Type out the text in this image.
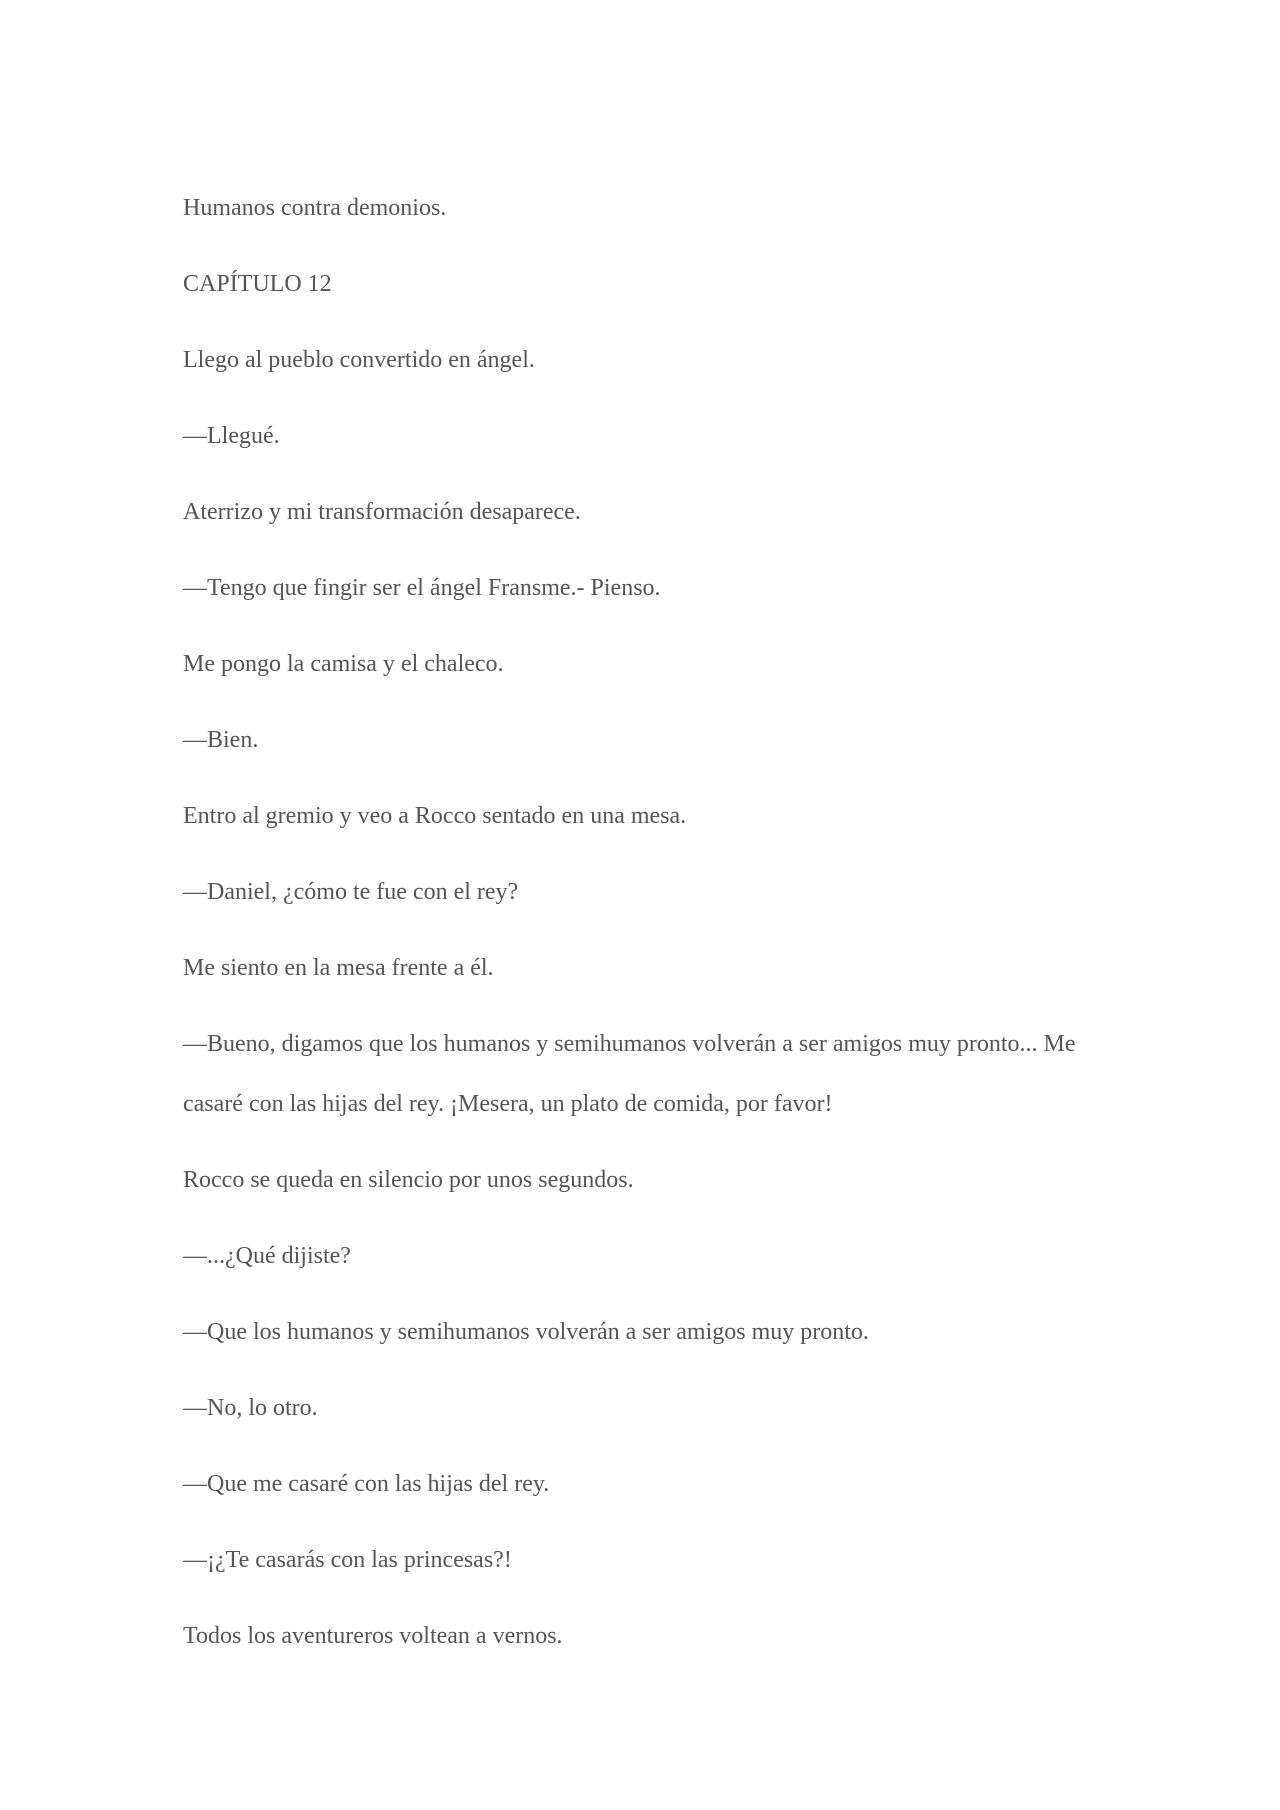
Humanos contra demonios.

CAPÍTULO 12

Llego al pueblo convertido en ángel.

—Llegué.

Aterrizo y mi transformación desaparece.

—Tengo que fingir ser el ángel Fransme.- Pienso.

Me pongo la camisa y el chaleco.

—Bien.

Entro al gremio y veo a Rocco sentado en una mesa.

—Daniel, ¿cómo te fue con el rey?

Me siento en la mesa frente a él.

—Bueno, digamos que los humanos y semihumanos volverán a ser amigos muy pronto... Me casaré con las hijas del rey. ¡Mesera, un plato de comida, por favor!

Rocco se queda en silencio por unos segundos.

—...¿Qué dijiste?

—Que los humanos y semihumanos volverán a ser amigos muy pronto.

—No, lo otro.

—Que me casaré con las hijas del rey.

—¡¿Te casarás con las princesas?!

Todos los aventureros voltean a vernos.
